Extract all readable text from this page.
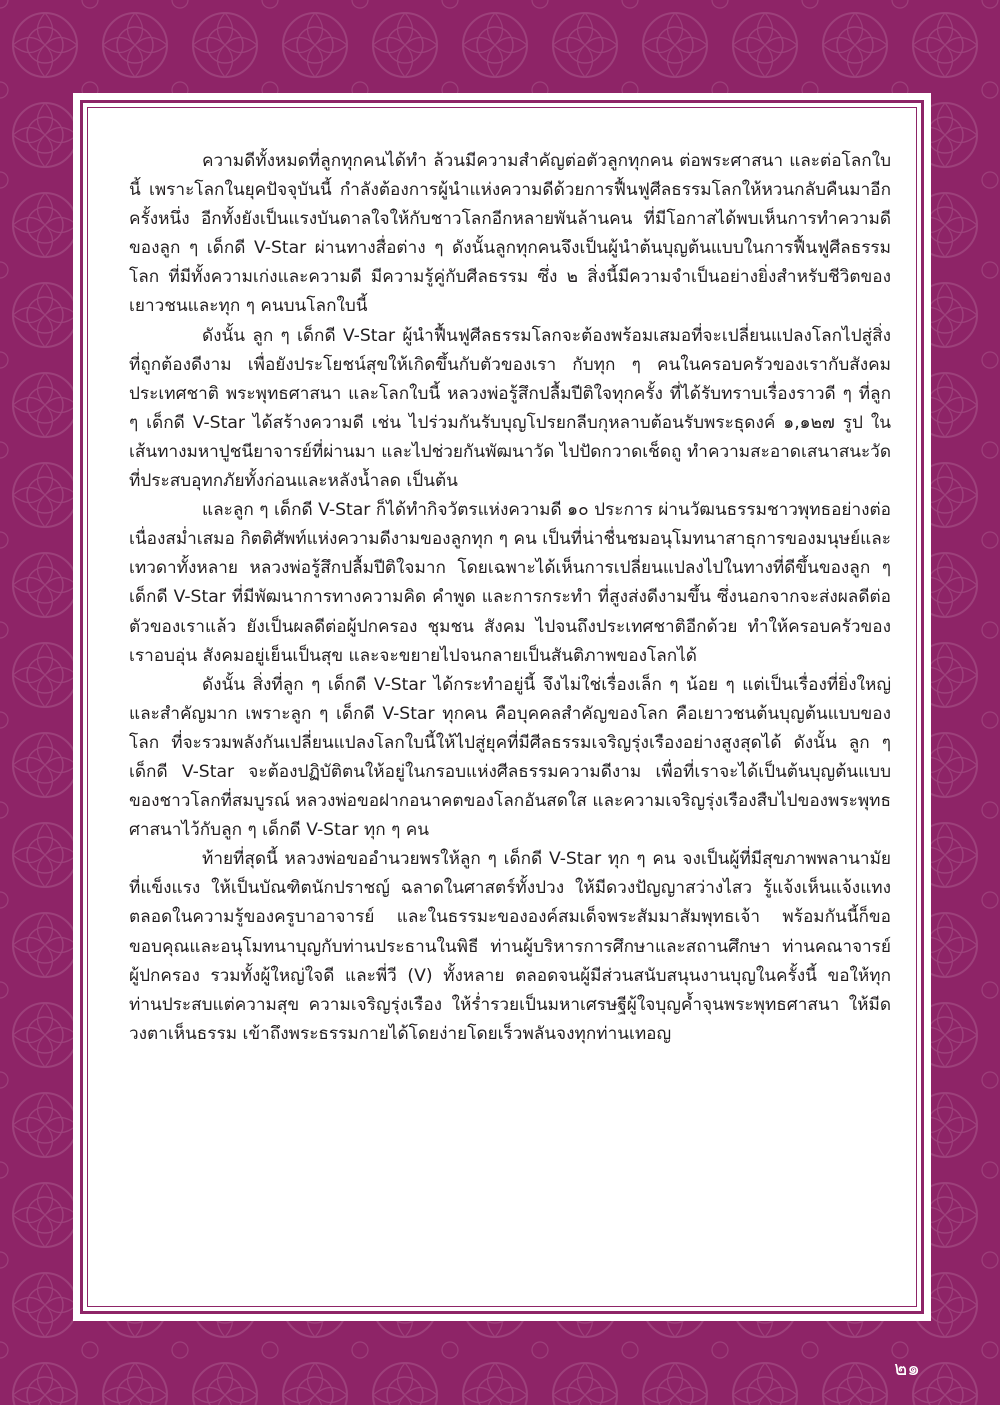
ความดีทั้งหมดที่ลูกทุกคนได้ทำ ล้วนมีความสำคัญต่อตัวลูกทุกคน ต่อพระศาสนา และต่อโลกใบนี้ เพราะโลกในยุคปัจจุบันนี้ กำลังต้องการผู้นำแห่งความดีด้วยการฟื้นฟูศีลธรรมโลกให้หวนกลับคืนมาอีกครั้งหนึ่ง อีกทั้งยังเป็นแรงบันดาลใจให้กับชาวโลกอีกหลายพันล้านคน ที่มีโอกาสได้พบเห็นการทำความดีของลูก ๆ เด็กดี V-Star ผ่านทางสื่อต่าง ๆ ดังนั้นลูกทุกคนจึงเป็นผู้นำต้นบุญต้นแบบในการฟื้นฟูศีลธรรมโลก ที่มีทั้งความเก่งและความดี มีความรู้คู่กับศีลธรรม ซึ่ง ๒ สิ่งนี้มีความจำเป็นอย่างยิ่งสำหรับชีวิตของเยาวชนและทุก ๆ คนบนโลกใบนี้

ดังนั้น ลูก ๆ เด็กดี V-Star ผู้นำฟื้นฟูศีลธรรมโลกจะต้องพร้อมเสมอที่จะเปลี่ยนแปลงโลกไปสู่สิ่งที่ถูกต้องดีงาม เพื่อยังประโยชน์สุขให้เกิดขึ้นกับตัวของเรา กับทุก ๆ คนในครอบครัวของเรากับสังคม ประเทศชาติ พระพุทธศาสนา และโลกใบนี้ หลวงพ่อรู้สึกปลื้มปีติใจทุกครั้ง ที่ได้รับทราบเรื่องราวดี ๆ ที่ลูก ๆ เด็กดี V-Star ได้สร้างความดี เช่น ไปร่วมกันรับบุญโปรยกลีบกุหลาบต้อนรับพระธุดงค์ ๑,๑๒๗ รูป ในเส้นทางมหาปูชนียาจารย์ที่ผ่านมา และไปช่วยกันพัฒนาวัด ไปปัดกวาดเช็ดถู ทำความสะอาดเสนาสนะวัดที่ประสบอุทกภัยทั้งก่อนและหลังน้ำลด เป็นต้น

และลูก ๆ เด็กดี V-Star ก็ได้ทำกิจวัตรแห่งความดี ๑๐ ประการ ผ่านวัฒนธรรมชาวพุทธอย่างต่อเนื่องสม่ำเสมอ กิตติศัพท์แห่งความดีงามของลูกทุก ๆ คน เป็นที่น่าชื่นชมอนุโมทนาสาธุการของมนุษย์และเทวดาทั้งหลาย หลวงพ่อรู้สึกปลื้มปีติใจมาก โดยเฉพาะได้เห็นการเปลี่ยนแปลงไปในทางที่ดีขึ้นของลูก ๆ เด็กดี V-Star ที่มีพัฒนาการทางความคิด คำพูด และการกระทำ ที่สูงส่งดีงามขึ้น ซึ่งนอกจากจะส่งผลดีต่อตัวของเราแล้ว ยังเป็นผลดีต่อผู้ปกครอง ชุมชน สังคม ไปจนถึงประเทศชาติอีกด้วย ทำให้ครอบครัวของเราอบอุ่น สังคมอยู่เย็นเป็นสุข และจะขยายไปจนกลายเป็นสันติภาพของโลกได้

ดังนั้น สิ่งที่ลูก ๆ เด็กดี V-Star ได้กระทำอยู่นี้ จึงไม่ใช่เรื่องเล็ก ๆ น้อย ๆ แต่เป็นเรื่องที่ยิ่งใหญ่และสำคัญมาก เพราะลูก ๆ เด็กดี V-Star ทุกคน คือบุคคลสำคัญของโลก คือเยาวชนต้นบุญต้นแบบของโลก ที่จะรวมพลังกันเปลี่ยนแปลงโลกใบนี้ให้ไปสู่ยุคที่มีศีลธรรมเจริญรุ่งเรืองอย่างสูงสุดได้ ดังนั้น ลูก ๆ เด็กดี V-Star จะต้องปฏิบัติตนให้อยู่ในกรอบแห่งศีลธรรมความดีงาม เพื่อที่เราจะได้เป็นต้นบุญต้นแบบของชาวโลกที่สมบูรณ์ หลวงพ่อขอฝากอนาคตของโลกอันสดใส และความเจริญรุ่งเรืองสืบไปของพระพุทธศาสนาไว้กับลูก ๆ เด็กดี V-Star ทุก ๆ คน

ท้ายที่สุดนี้ หลวงพ่อขออำนวยพรให้ลูก ๆ เด็กดี V-Star ทุก ๆ คน จงเป็นผู้ที่มีสุขภาพพลานามัยที่แข็งแรง ให้เป็นบัณฑิตนักปราชญ์ ฉลาดในศาสตร์ทั้งปวง ให้มีดวงปัญญาสว่างไสว รู้แจ้งเห็นแจ้งแทงตลอดในความรู้ของครูบาอาจารย์ และในธรรมะขององค์สมเด็จพระสัมมาสัมพุทธเจ้า พร้อมกันนี้ก็ขอขอบคุณและอนุโมทนาบุญกับท่านประธานในพิธี ท่านผู้บริหารการศึกษาและสถานศึกษา ท่านคณาจารย์ ผู้ปกครอง รวมทั้งผู้ใหญ่ใจดี และพี่วี (V) ทั้งหลาย ตลอดจนผู้มีส่วนสนับสนุนงานบุญในครั้งนี้ ขอให้ทุกท่านประสบแต่ความสุข ความเจริญรุ่งเรือง ให้ร่ำรวยเป็นมหาเศรษฐีผู้ใจบุญค้ำจุนพระพุทธศาสนา ให้มีดวงตาเห็นธรรม เข้าถึงพระธรรมกายได้โดยง่ายโดยเร็วพลันจงทุกท่านเทอญ

๒๑
